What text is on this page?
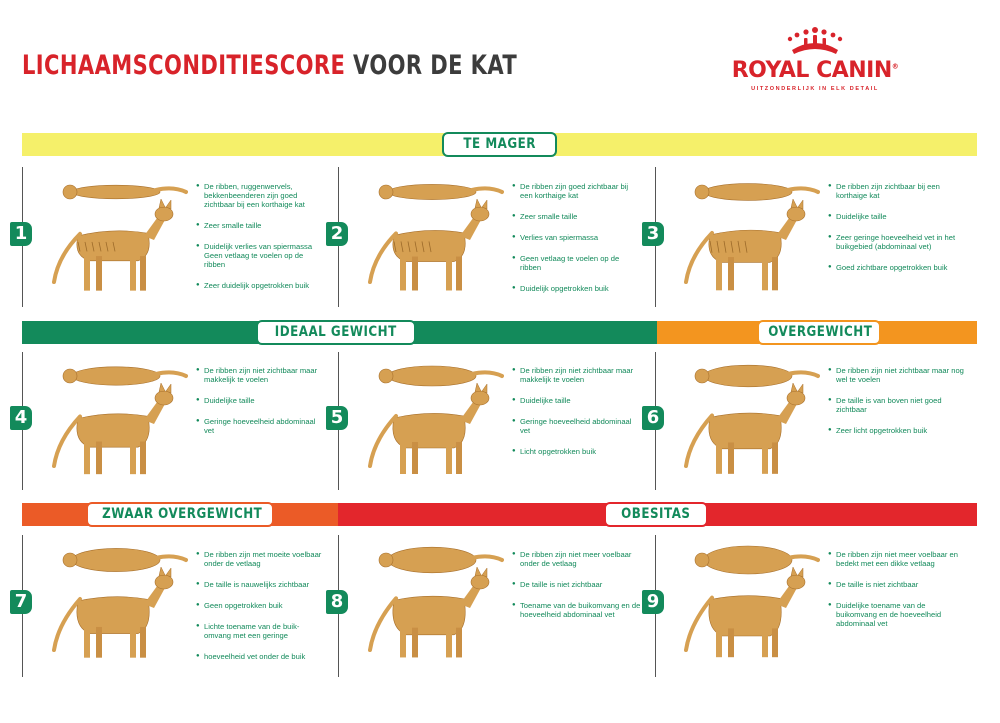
LICHAAMSCONDITIESCORE VOOR DE KAT	ROYAL CANIN®
UITZONDERLIJK IN ELK DETAIL
TE MAGER
IDEAAL GEWICHT	OVERGEWICHT
ZWAAR OVERGEWICHT	OBESITAS
1
● De ribben, ruggenwervels, bekkenbeenderen zijn goed zichtbaar bij een korthaige kat
● Zeer smalle taille
● Duidelijk verlies van spiermassa Geen vetlaag te voelen op de ribben
● Zeer duidelijk opgetrokken buik
2
● De ribben zijn goed zichtbaar bij een korthaige kat
● Zeer smalle taille
● Verlies van spiermassa
● Geen vetlaag te voelen op de ribben
● Duidelijk opgetrokken buik
3
● De ribben zijn zichtbaar bij een korthaige kat
● Duidelijke taille
● Zeer geringe hoeveelheid vet in het buikgebied (abdominaal vet)
● Goed zichtbare opgetrokken buik
4
● De ribben zijn niet zichtbaar maar makkelijk te voelen
● Duidelijke taille
● Geringe hoeveelheid abdominaal vet
5
● De ribben zijn niet zichtbaar maar makkelijk te voelen
● Duidelijke taille
● Geringe hoeveelheid abdominaal vet
● Licht opgetrokken buik
6
● De ribben zijn niet zichtbaar maar nog wel te voelen
● De taille is van boven niet goed zichtbaar
● Zeer licht opgetrokken buik
7
● De ribben zijn met moeite voelbaar onder de vetlaag
● De taille is nauwelijks zichtbaar
● Geen opgetrokken buik
● Lichte toename van de buik-omvang met een geringe
● hoeveelheid vet onder de buik
8
● De ribben zijn niet meer voelbaar onder de vetlaag
● De taille is niet zichtbaar
● Toename van de buikomvang en de hoeveelheid abdominaal vet
9
● De ribben zijn niet meer voelbaar en bedekt met een dikke vetlaag
● De taille is niet zichtbaar
● Duidelijke toename van de buikomvang en de hoeveelheid abdominaal vet
